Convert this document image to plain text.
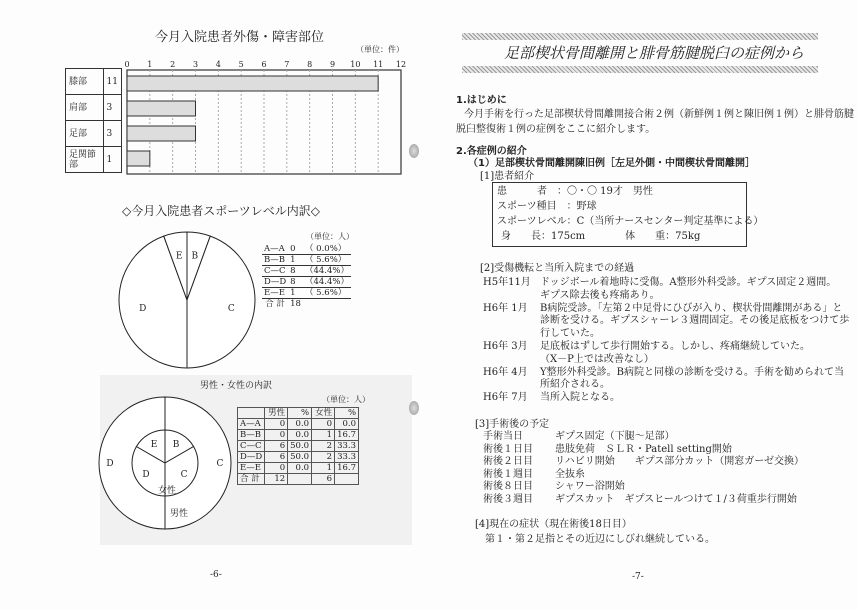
今月入院患者外傷・障害部位
（単位：件）
膝部	11
肩部	3
足部	3
足関節部	1
0 1 2 3 4 5 6 7 8 9 10 11 12
◇今月入院患者スポーツレベル内訳◇
B
C
D
E
（単位：人）
A—A	0	（ 0.0%）
B—B	1	（ 5.6%）
C—C	8	（44.4%）
D—D	8	（44.4%）
E—E	1	（ 5.6%）
合 計	18	
男性・女性の内訳
C
D
B
C
D
E
女性
男性
（単位：人）
	男性	%	女性	%
A—A	0	0.0	0	0.0
B—B	0	0.0	1	16.7
C—C	6	50.0	2	33.3
D—D	6	50.0	2	33.3
E—E	0	0.0	1	16.7
合 計	12		6	
-6-
足部楔状骨間離開と腓骨筋腱脱臼の症例から
1.はじめに
今月手術を行った足部楔状骨間離開接合術２例（新鮮例１例と陳旧例１例）と腓骨筋腱
脱臼整復術１例の症例をここに紹介します。
2.各症例の紹介
（1）足部楔状骨間離開陳旧例［左足外側・中間楔状骨間離開］
[1]患者紹介
患　　　者　：〇・〇 19才　男性
スポーツ種目　：野球
スポーツレベル：C（当所ナースセンター判定基準による）
身　　長：175cm　　　　体　　重：75kg
[2]受傷機転と当所入院までの経過
H5年11月 ドッジボール着地時に受傷。A整形外科受診。ギプス固定２週間。
ギプス除去後も疼痛あり。
H6年 1月 B病院受診。「左第２中足骨にひびが入り、楔状骨間離開がある」と
診断を受ける。ギプスシャーレ３週間固定。その後足底板をつけて歩
行していた。
H6年 3月 足底板はずして歩行開始する。しかし、疼痛継続していた。
（X－P上では改善なし）
H6年 4月 Y整形外科受診。B病院と同様の診断を受ける。手術を勧められて当
所紹介される。
H6年 7月 当所入院となる。
[3]手術後の予定
手術当日	ギプス固定（下腿～足部）
術後１日目 患肢免荷　ＳＬＲ・Patell setting開始
術後２日目 リハビリ開始　　ギプス部分カット（開窓ガーゼ交換）
術後１週目 全抜糸
術後８日目 シャワー浴開始
術後３週目 ギプスカット　ギプスヒールつけて１/３荷重歩行開始
[4]現在の症状（現在術後18日目）
第１・第２足指とその近辺にしびれ継続している。
-7-
